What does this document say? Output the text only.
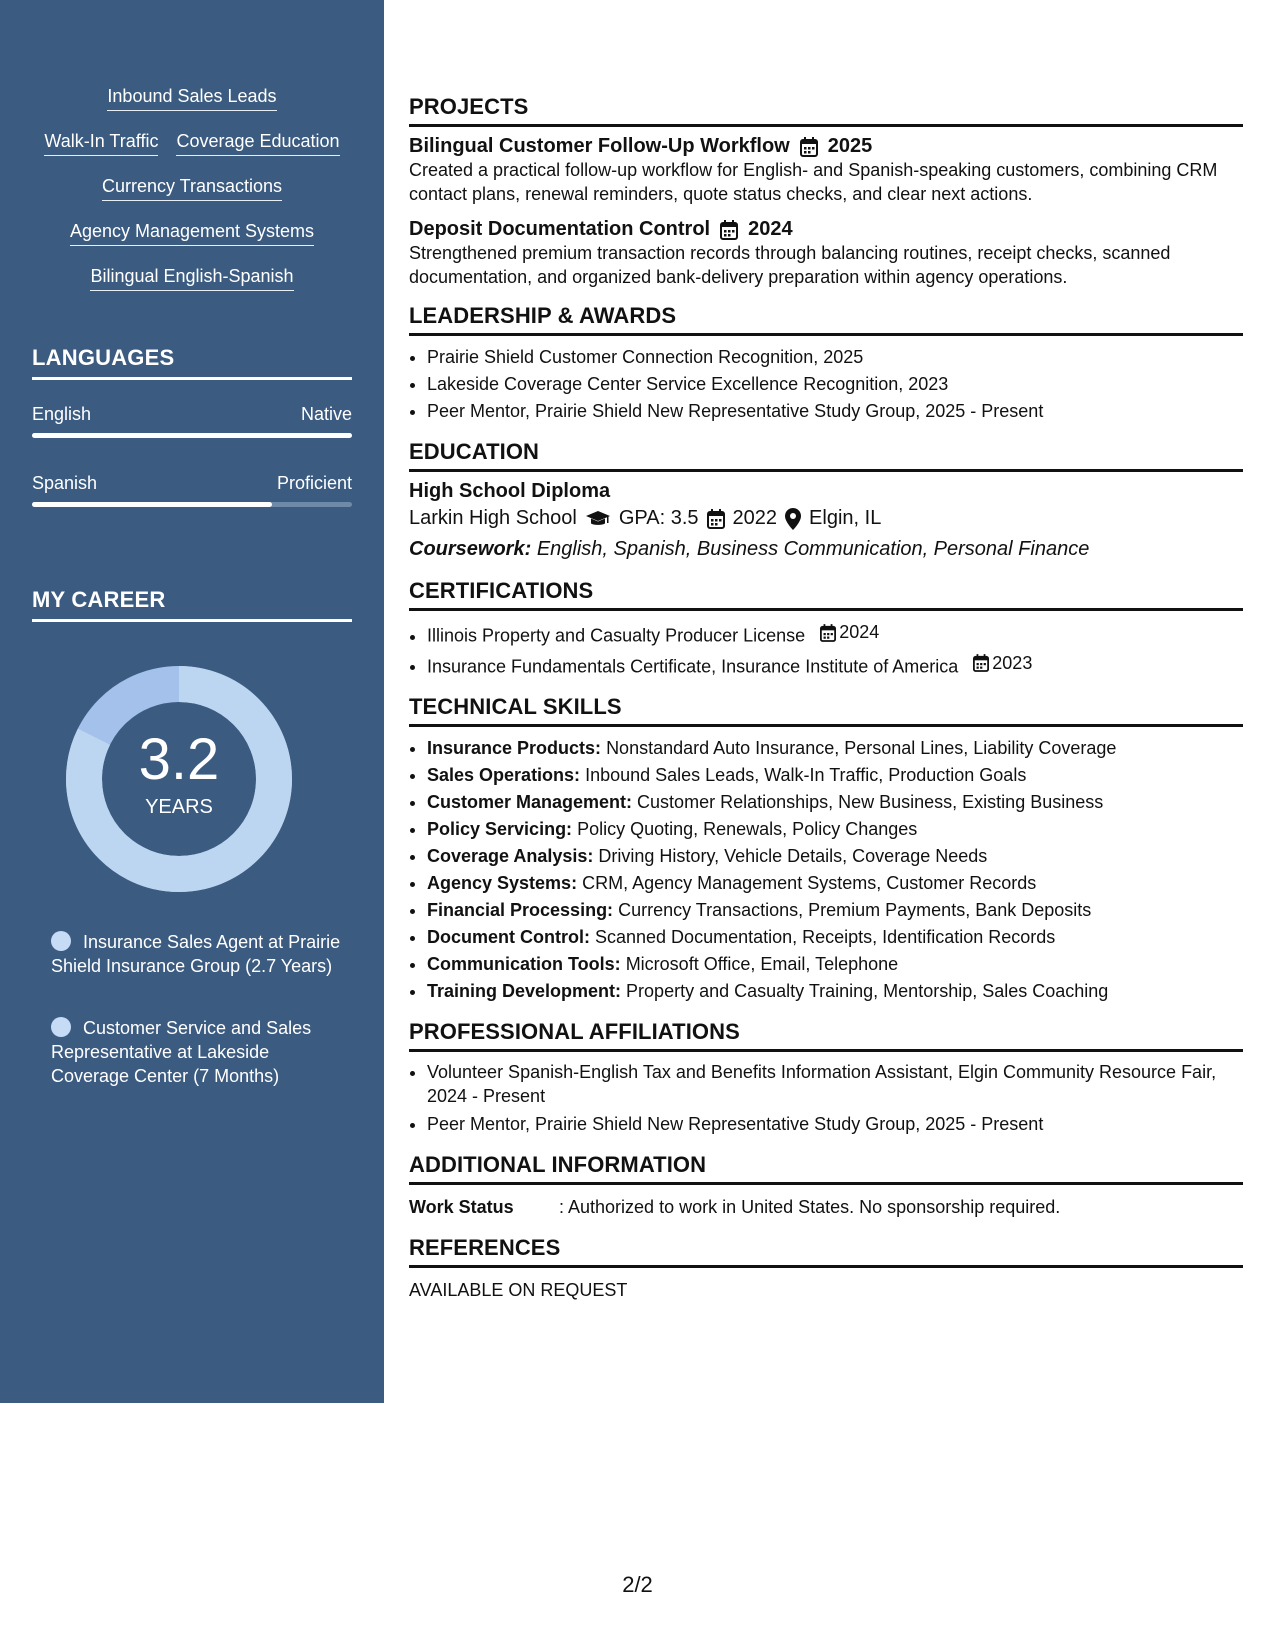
Inbound Sales Leads
Walk-In Traffic Coverage Education
Currency Transactions
Agency Management Systems
Bilingual English-Spanish
LANGUAGES
English	Native
Spanish	Proficient
MY CAREER
3.2
YEARS
Insurance Sales Agent at Prairie Shield Insurance Group (2.7 Years)
Customer Service and Sales Representative at Lakeside Coverage Center (7 Months)
PROJECTS
Bilingual Customer Follow-Up Workflow 2025
Created a practical follow-up workflow for English- and Spanish-speaking customers, combining CRM contact plans, renewal reminders, quote status checks, and clear next actions.
Deposit Documentation Control 2024
Strengthened premium transaction records through balancing routines, receipt checks, scanned documentation, and organized bank-delivery preparation within agency operations.
LEADERSHIP & AWARDS
• Prairie Shield Customer Connection Recognition, 2025
• Lakeside Coverage Center Service Excellence Recognition, 2023
• Peer Mentor, Prairie Shield New Representative Study Group, 2025 - Present
EDUCATION
High School Diploma
Larkin High School GPA: 3.5 2022 Elgin, IL
Coursework: English, Spanish, Business Communication, Personal Finance
CERTIFICATIONS
• Illinois Property and Casualty Producer License 2024
• Insurance Fundamentals Certificate, Insurance Institute of America 2023
TECHNICAL SKILLS
• Insurance Products: Nonstandard Auto Insurance, Personal Lines, Liability Coverage
• Sales Operations: Inbound Sales Leads, Walk-In Traffic, Production Goals
• Customer Management: Customer Relationships, New Business, Existing Business
• Policy Servicing: Policy Quoting, Renewals, Policy Changes
• Coverage Analysis: Driving History, Vehicle Details, Coverage Needs
• Agency Systems: CRM, Agency Management Systems, Customer Records
• Financial Processing: Currency Transactions, Premium Payments, Bank Deposits
• Document Control: Scanned Documentation, Receipts, Identification Records
• Communication Tools: Microsoft Office, Email, Telephone
• Training Development: Property and Casualty Training, Mentorship, Sales Coaching
PROFESSIONAL AFFILIATIONS
• Volunteer Spanish-English Tax and Benefits Information Assistant, Elgin Community Resource Fair, 2024 - Present
• Peer Mentor, Prairie Shield New Representative Study Group, 2025 - Present
ADDITIONAL INFORMATION
Work Status	: Authorized to work in United States. No sponsorship required.
REFERENCES
AVAILABLE ON REQUEST
2/2
